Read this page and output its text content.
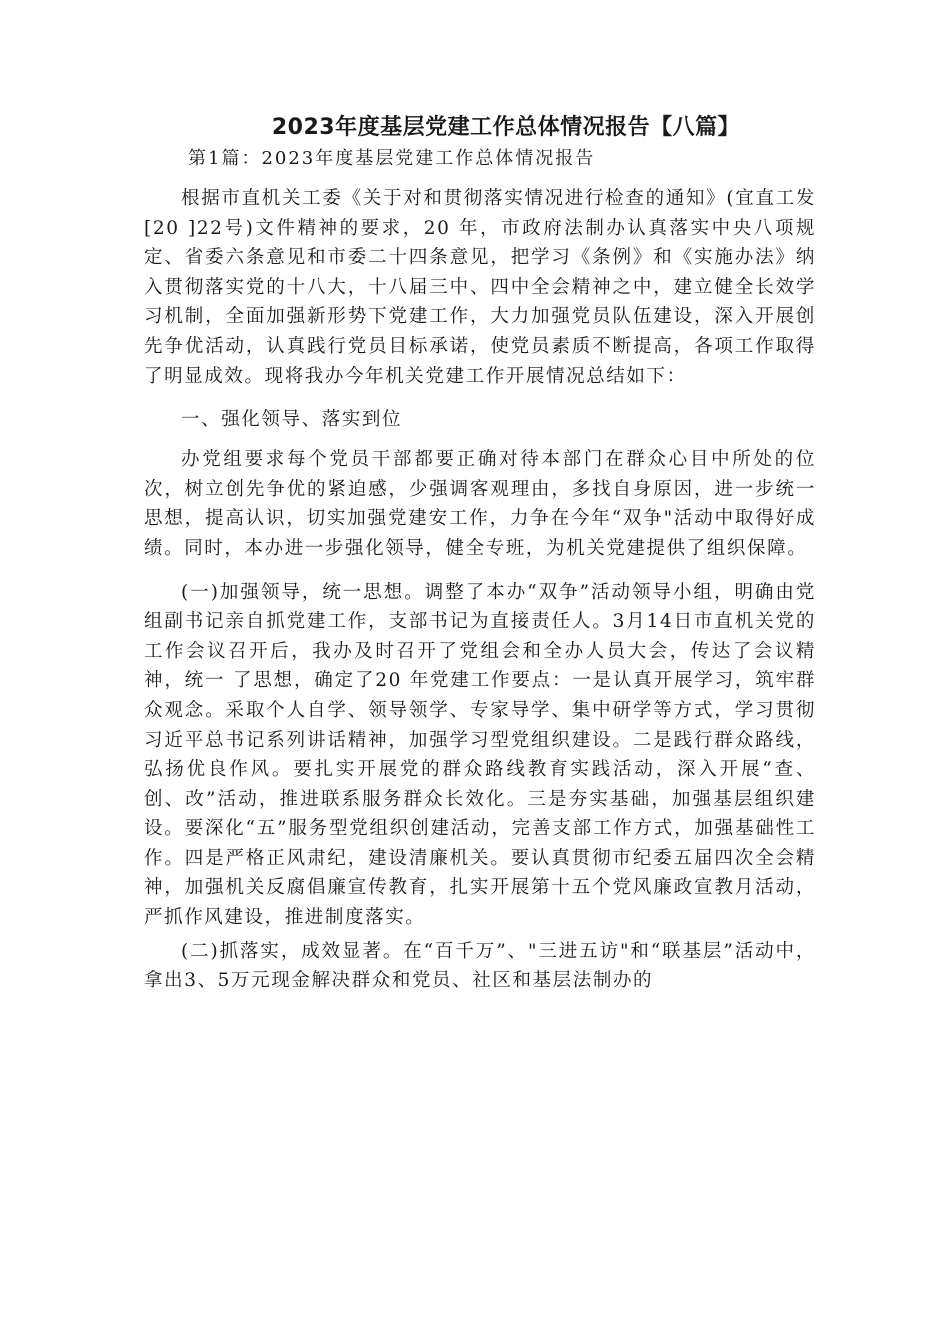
2023年度基层党建工作总体情况报告【八篇】
第1篇：2023年度基层党建工作总体情况报告

根据市直机关工委《关于对和贯彻落实情况进行检查的通知》(宜直工发[20 ]22号)文件精神的要求，20 年，市政府法制办认真落实中央八项规定、省委六条意见和市委二十四条意见，把学习《条例》和《实施办法》纳入贯彻落实党的十八大，十八届三中、四中全会精神之中，建立健全长效学习机制，全面加强新形势下党建工作，大力加强党员队伍建设，深入开展创先争优活动，认真践行党员目标承诺，使党员素质不断提高，各项工作取得了明显成效。现将我办今年机关党建工作开展情况总结如下：

一、强化领导、落实到位

办党组要求每个党员干部都要正确对待本部门在群众心目中所处的位次，树立创先争优的紧迫感，少强调客观理由，多找自身原因，进一步统一思想，提高认识，切实加强党建安工作，力争在今年“双争"活动中取得好成绩。同时，本办进一步强化领导，健全专班，为机关党建提供了组织保障。

(一)加强领导，统一思想。调整了本办“双争”活动领导小组，明确由党组副书记亲自抓党建工作，支部书记为直接责任人。3月14日市直机关党的工作会议召开后，我办及时召开了党组会和全办人员大会，传达了会议精神，统一 了思想，确定了20 年党建工作要点：一是认真开展学习，筑牢群众观念。采取个人自学、领导领学、专家导学、集中研学等方式，学习贯彻习近平总书记系列讲话精神，加强学习型党组织建设。二是践行群众路线，弘扬优良作风。要扎实开展党的群众路线教育实践活动，深入开展“查、创、改”活动，推进联系服务群众长效化。三是夯实基础，加强基层组织建设。要深化“五”服务型党组织创建活动，完善支部工作方式，加强基础性工作。四是严格正风肃纪，建设清廉机关。要认真贯彻市纪委五届四次全会精神，加强机关反腐倡廉宣传教育，扎实开展第十五个党风廉政宣教月活动，严抓作风建设，推进制度落实。

(二)抓落实，成效显著。在“百千万”、"三进五访"和“联基层”活动中，拿出3、5万元现金解决群众和党员、社区和基层法制办的
